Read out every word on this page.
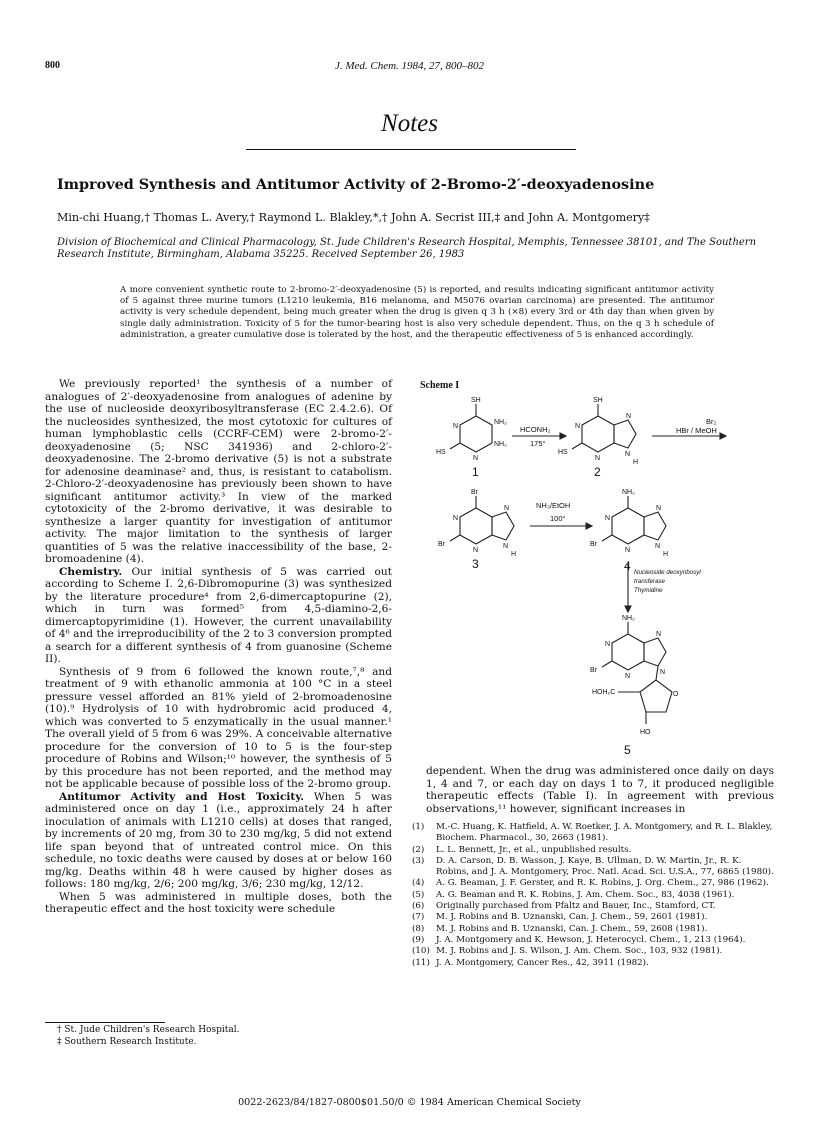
800	J. Med. Chem. 1984, 27, 800–802
Notes
Improved Synthesis and Antitumor Activity of 2-Bromo-2′-deoxyadenosine
Min-chi Huang,† Thomas L. Avery,† Raymond L. Blakley,*,† John A. Secrist III,‡ and John A. Montgomery‡
Division of Biochemical and Clinical Pharmacology, St. Jude Children's Research Hospital, Memphis, Tennessee 38101, and The Southern Research Institute, Birmingham, Alabama 35225. Received September 26, 1983
A more convenient synthetic route to 2-bromo-2′-deoxyadenosine (5) is reported, and results indicating significant antitumor activity of 5 against three murine tumors (L1210 leukemia, B16 melanoma, and M5076 ovarian carcinoma) are presented. The antitumor activity is very schedule dependent, being much greater when the drug is given q 3 h (×8) every 3rd or 4th day than when given by single daily administration. Toxicity of 5 for the tumor-bearing host is also very schedule dependent. Thus, on the q 3 h schedule of administration, a greater cumulative dose is tolerated by the host, and the therapeutic effectiveness of 5 is enhanced accordingly.

We previously reported¹ the synthesis of a number of analogues of 2′-deoxyadenosine from analogues of adenine by the use of nucleoside deoxyribosyltransferase (EC 2.4.2.6). Of the nucleosides synthesized, the most cytotoxic for cultures of human lymphoblastic cells (CCRF-CEM) were 2-bromo-2′-deoxyadenosine (5; NSC 341936) and 2-chloro-2′-deoxyadenosine. The 2-bromo derivative (5) is not a substrate for adenosine deaminase² and, thus, is resistant to catabolism. 2-Chloro-2′-deoxyadenosine has previously been shown to have significant antitumor activity.³ In view of the marked cytotoxicity of the 2-bromo derivative, it was desirable to synthesize a larger quantity for investigation of antitumor activity. The major limitation to the synthesis of larger quantities of 5 was the relative inaccessibility of the base, 2-bromoadenine (4).

Chemistry. Our initial synthesis of 5 was carried out according to Scheme I. 2,6-Dibromopurine (3) was synthesized by the literature procedure⁴ from 2,6-dimercaptopurine (2), which in turn was formed⁵ from 4,5-diamino-2,6-dimercaptopyrimidine (1). However, the current unavailability of 4⁶ and the irreproducibility of the 2 to 3 conversion prompted a search for a different synthesis of 4 from guanosine (Scheme II).

Synthesis of 9 from 6 followed the known route,⁷,⁸ and treatment of 9 with ethanolic ammonia at 100 °C in a steel pressure vessel afforded an 81% yield of 2-bromoadenosine (10).⁹ Hydrolysis of 10 with hydrobromic acid produced 4, which was converted to 5 enzymatically in the usual manner.¹ The overall yield of 5 from 6 was 29%. A conceivable alternative procedure for the conversion of 10 to 5 is the four-step procedure of Robins and Wilson;¹⁰ however, the synthesis of 5 by this procedure has not been reported, and the method may not be applicable because of possible loss of the 2-bromo group.

Antitumor Activity and Host Toxicity. When 5 was administered once on day 1 (i.e., approximately 24 h after inoculation of animals with L1210 cells) at doses that ranged, by increments of 20 mg, from 30 to 230 mg/kg, 5 did not extend life span beyond that of untreated control mice. On this schedule, no toxic deaths were caused by doses at or below 160 mg/kg. Deaths within 48 h were caused by higher doses as follows: 180 mg/kg, 2/6; 200 mg/kg, 3/6; 230 mg/kg, 12/12.

When 5 was administered in multiple doses, both the therapeutic effect and the host toxicity were schedule

† St. Jude Children's Research Hospital.
‡ Southern Research Institute.
dependent. When the drug was administered once daily on days 1, 4 and 7, or each day on days 1 to 7, it produced negligible therapeutic effects (Table I). In agreement with previous observations,¹¹ however, significant increases in
(1)	M.-C. Huang, K. Hatfield, A. W. Roetker, J. A. Montgomery, and R. L. Blakley, Biochem. Pharmacol., 30, 2663 (1981).
(2)	L. L. Bennett, Jr., et al., unpublished results.
(3)	D. A. Carson, D. B. Wasson, J. Kaye, B. Ullman, D. W. Martin, Jr., R. K. Robins, and J. A. Montgomery, Proc. Natl. Acad. Sci. U.S.A., 77, 6865 (1980).
(4)	A. G. Beaman, J. F. Gerster, and R. K. Robins, J. Org. Chem., 27, 986 (1962).
(5)	A. G. Beaman and R. K. Robins, J. Am. Chem. Soc., 83, 4038 (1961).
(6)	Originally purchased from Pfaltz and Bauer, Inc., Stamford, CT.
(7)	M. J. Robins and B. Uznanski, Can. J. Chem., 59, 2601 (1981).
(8)	M. J. Robins and B. Uznanski, Can. J. Chem., 59, 2608 (1981).
(9)	J. A. Montgomery and K. Hewson, J. Heterocycl. Chem., 1, 213 (1964).
(10) M. J. Robins and J. S. Wilson, J. Am. Chem. Soc., 103, 932 (1981).
(11) J. A. Montgomery, Cancer Res., 42, 3911 (1982).
0022-2623/84/1827-0800$01.50/0 © 1984 American Chemical Society
Scheme I
SH
NH₂
NH₂
HS
N
N
SH
HS
N
N
N
N
H
Br
Br
N
N
N
N
H
NH₂
Br
N
N
N
N
H
NH₂
Br
N
N
N
N
HOH₂C	O
HO
HCONH₂
175°
Br₂
HBr / MeOH
NH₃/EtOH
100°
Nucleoside deoxyribosyl
transferase
Thymidine
1	2
3	4
5
